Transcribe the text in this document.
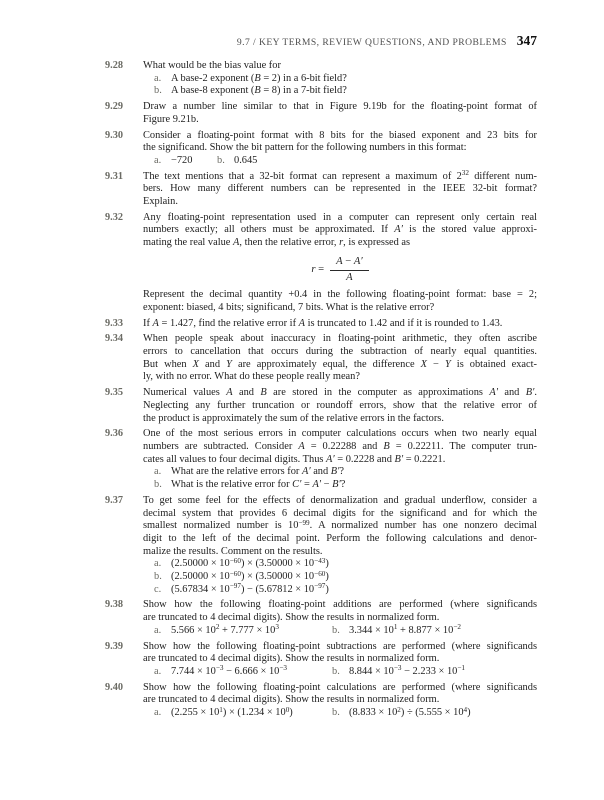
9.7 / KEY TERMS, REVIEW QUESTIONS, AND PROBLEMS 347
9.28	What would be the bias value for
a. A base-2 exponent (B = 2) in a 6-bit field?
b. A base-8 exponent (B = 8) in a 7-bit field?
9.29	Draw a number line similar to that in Figure 9.19b for the floating-point format of
Figure 9.21b.
9.30	Consider a floating-point format with 8 bits for the biased exponent and 23 bits for
the significand. Show the bit pattern for the following numbers in this format:
a. −720 b. 0.645
9.31	The text mentions that a 32-bit format can represent a maximum of $2^{32}$ different num-
bers. How many different numbers can be represented in the IEEE 32-bit format?
Explain.
9.32	Any floating-point representation used in a computer can represent only certain real
numbers exactly; all others must be approximated. If A′ is the stored value approxi-
mating the real value A, then the relative error, r, is expressed as
$r = \frac{A - A'}{A}$
Represent the decimal quantity +0.4 in the following floating-point format: base = 2;
exponent: biased, 4 bits; significand, 7 bits. What is the relative error?
9.33	If A = 1.427, find the relative error if A is truncated to 1.42 and if it is rounded to 1.43.
9.34	When people speak about inaccuracy in floating-point arithmetic, they often ascribe
errors to cancellation that occurs during the subtraction of nearly equal quantities.
But when X and Y are approximately equal, the difference X − Y is obtained exact-
ly, with no error. What do these people really mean?
9.35	Numerical values A and B are stored in the computer as approximations A′ and B′.
Neglecting any further truncation or roundoff errors, show that the relative error of
the product is approximately the sum of the relative errors in the factors.
9.36	One of the most serious errors in computer calculations occurs when two nearly equal
numbers are subtracted. Consider A = 0.22288 and B = 0.22211. The computer trun-
cates all values to four decimal digits. Thus A′ = 0.2228 and B′ = 0.2221.
a. What are the relative errors for A′ and B′?
b. What is the relative error for C′ = A′ − B′?
9.37	To get some feel for the effects of denormalization and gradual underflow, consider a
decimal system that provides 6 decimal digits for the significand and for which the
smallest normalized number is $10^{-99}$. A normalized number has one nonzero decimal
digit to the left of the decimal point. Perform the following calculations and denor-
malize the results. Comment on the results.
a. $(2.50000 \times 10^{-60}) \times (3.50000 \times 10^{-43})$
b. $(2.50000 \times 10^{-60}) \times (3.50000 \times 10^{-60})$
c. $(5.67834 \times 10^{-97}) - (5.67812 \times 10^{-97})$
9.38	Show how the following floating-point additions are performed (where significands
are truncated to 4 decimal digits). Show the results in normalized form.
a. $5.566 \times 10^2 + 7.777 \times 10^3$	b. $3.344 \times 10^1 + 8.877 \times 10^{-2}$
9.39	Show how the following floating-point subtractions are performed (where significands
are truncated to 4 decimal digits). Show the results in normalized form.
a. $7.744 \times 10^{-3} - 6.666 \times 10^{-3}$	b. $8.844 \times 10^{-3} - 2.233 \times 10^{-1}$
9.40	Show how the following floating-point calculations are performed (where significands
are truncated to 4 decimal digits). Show the results in normalized form.
a. $(2.255 \times 10^1) \times (1.234 \times 10^0)$	b. $(8.833 \times 10^2) \div (5.555 \times 10^4)$
